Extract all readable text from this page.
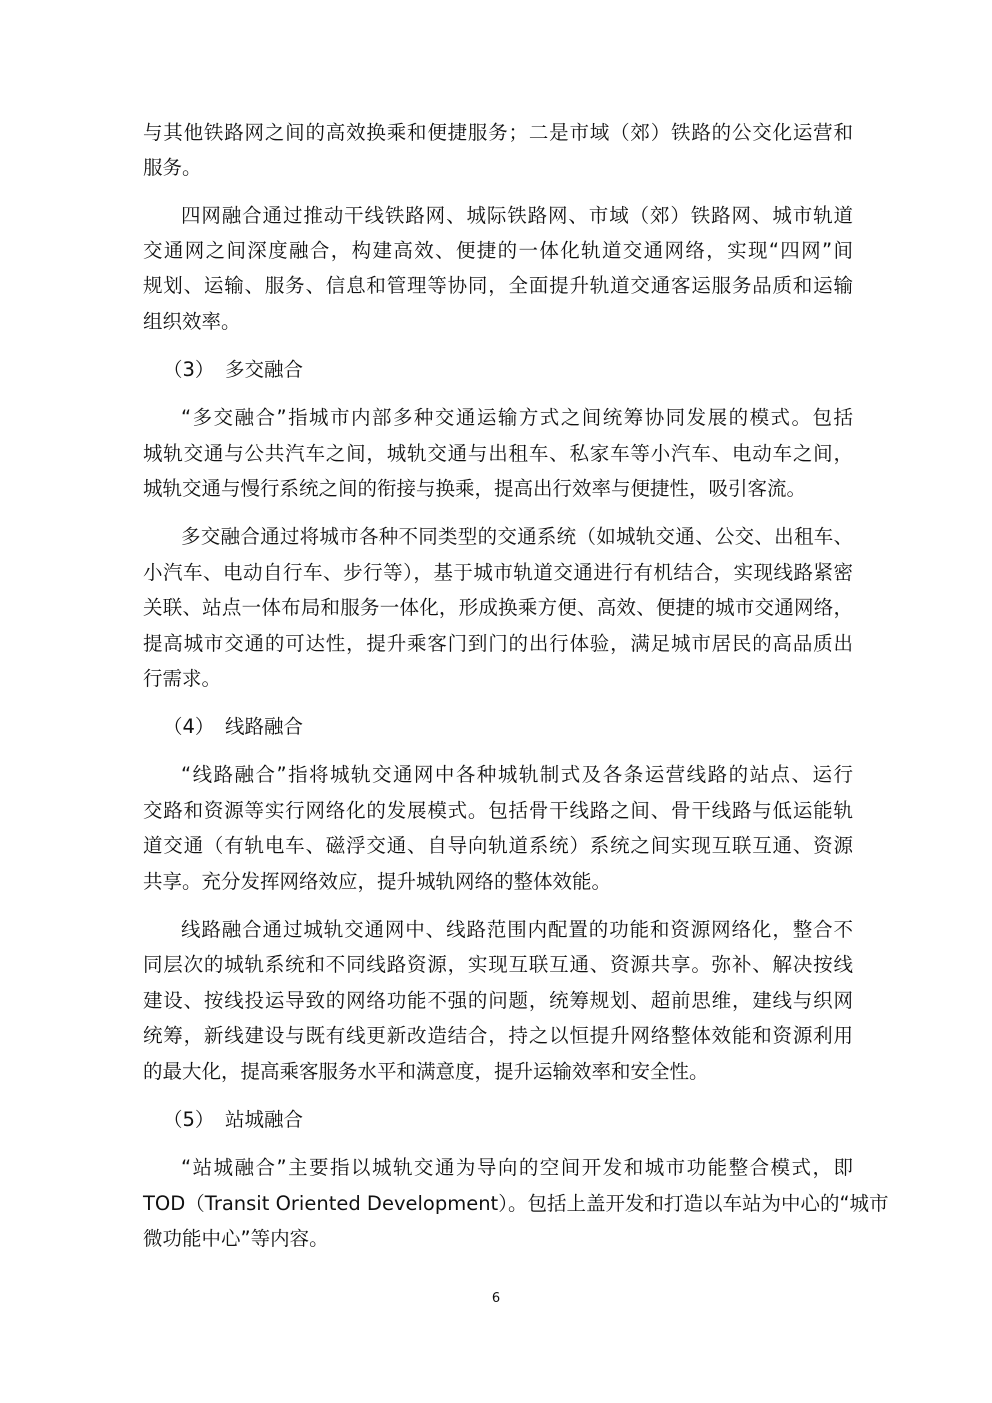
与其他铁路网之间的高效换乘和便捷服务；二是市域（郊）铁路的公交化运营和
服务。
四网融合通过推动干线铁路网、城际铁路网、市域（郊）铁路网、城市轨道
交通网之间深度融合，构建高效、便捷的一体化轨道交通网络，实现“四网”间
规划、运输、服务、信息和管理等协同，全面提升轨道交通客运服务品质和运输
组织效率。
（3） 多交融合
“多交融合”指城市内部多种交通运输方式之间统筹协同发展的模式。包括
城轨交通与公共汽车之间，城轨交通与出租车、私家车等小汽车、电动车之间，
城轨交通与慢行系统之间的衔接与换乘，提高出行效率与便捷性，吸引客流。
多交融合通过将城市各种不同类型的交通系统（如城轨交通、公交、出租车、
小汽车、电动自行车、步行等），基于城市轨道交通进行有机结合，实现线路紧密
关联、站点一体布局和服务一体化，形成换乘方便、高效、便捷的城市交通网络，
提高城市交通的可达性，提升乘客门到门的出行体验，满足城市居民的高品质出
行需求。
（4） 线路融合
“线路融合”指将城轨交通网中各种城轨制式及各条运营线路的站点、运行
交路和资源等实行网络化的发展模式。包括骨干线路之间、骨干线路与低运能轨
道交通（有轨电车、磁浮交通、自导向轨道系统）系统之间实现互联互通、资源
共享。充分发挥网络效应，提升城轨网络的整体效能。
线路融合通过城轨交通网中、线路范围内配置的功能和资源网络化，整合不
同层次的城轨系统和不同线路资源，实现互联互通、资源共享。弥补、解决按线
建设、按线投运导致的网络功能不强的问题，统筹规划、超前思维，建线与织网
统筹，新线建设与既有线更新改造结合，持之以恒提升网络整体效能和资源利用
的最大化，提高乘客服务水平和满意度，提升运输效率和安全性。
（5） 站城融合
“站城融合”主要指以城轨交通为导向的空间开发和城市功能整合模式，即
TOD（Transit Oriented Development）。包括上盖开发和打造以车站为中心的“城市
微功能中心”等内容。
6
